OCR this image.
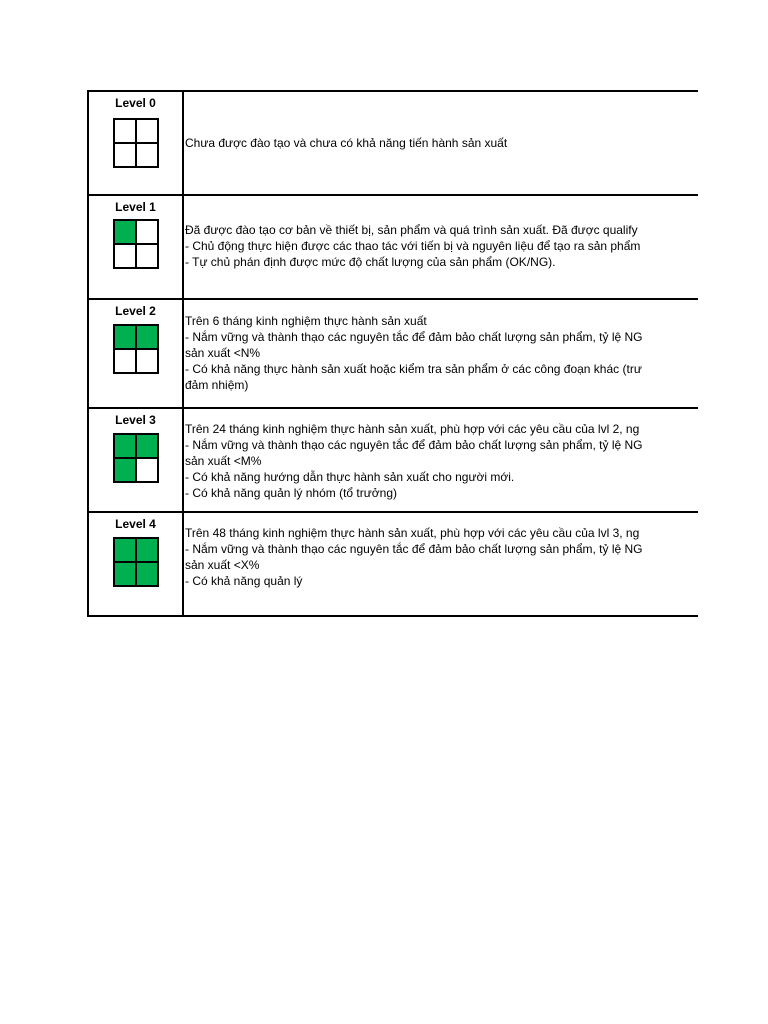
Level 0
Chưa được đào tạo và chưa có khả năng tiến hành sản xuất
Level 1
Đã được đào tạo cơ bản về thiết bị, sản phẩm và quá trình sản xuất. Đã được qualify
- Chủ động thực hiện được các thao tác với tiến bị và nguyên liệu để tạo ra sản phẩm
- Tự chủ phán định được mức độ chất lượng của sản phẩm (OK/NG).
Level 2
Trên 6 tháng kinh nghiệm thực hành sản xuất
- Nắm vững và thành thạo các nguyên tắc để đảm bảo chất lượng sản phẩm, tỷ lệ NG
sản xuất <N%
- Có khả năng thực hành sản xuất hoặc kiểm tra sản phẩm ở các công đoạn khác (trư
đảm nhiệm)
Level 3
Trên 24 tháng kinh nghiệm thực hành sản xuất, phù hợp với các yêu cầu của lvl 2, ng
- Nắm vững và thành thạo các nguyên tắc để đảm bảo chất lượng sản phẩm, tỷ lệ NG
sản xuất <M%
- Có khả năng hướng dẫn thực hành sản xuất cho người mới.
- Có khả năng quản lý nhóm (tổ trưởng)
Level 4
Trên 48 tháng kinh nghiệm thực hành sản xuất, phù hợp với các yêu cầu của lvl 3, ng
- Nắm vững và thành thạo các nguyên tắc để đảm bảo chất lượng sản phẩm, tỷ lệ NG
sản xuất <X%
- Có khả năng quản lý
